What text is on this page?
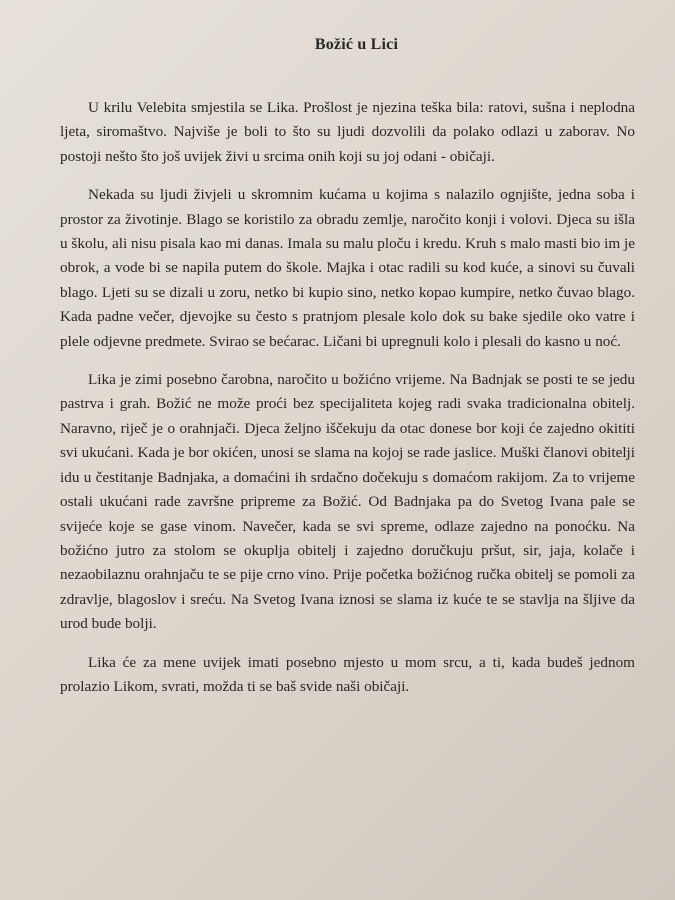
Božić u Lici

U krilu Velebita smjestila se Lika. Prošlost je njezina teška bila: ratovi, sušna i neplodna ljeta, siromaštvo. Najviše je boli to što su ljudi dozvolili da polako odlazi u zaborav. No postoji nešto što još uvijek živi u srcima onih koji su joj odani - običaji.

Nekada su ljudi živjeli u skromnim kućama u kojima s nalazilo ognjište, jedna soba i prostor za životinje. Blago se koristilo za obradu zemlje, naročito konji i volovi. Djeca su išla u školu, ali nisu pisala kao mi danas. Imala su malu ploču i kredu. Kruh s malo masti bio im je obrok, a vode bi se napila putem do škole. Majka i otac radili su kod kuće, a sinovi su čuvali blago. Ljeti su se dizali u zoru, netko bi kupio sino, netko kopao kumpire, netko čuvao blago. Kada padne večer, djevojke su često s pratnjom plesale kolo dok su bake sjedile oko vatre i plele odjevne predmete. Svirao se bećarac. Ličani bi upregnuli kolo i plesali do kasno u noć.

Lika je zimi posebno čarobna, naročito u božićno vrijeme. Na Badnjak se posti te se jedu pastrva i grah. Božić ne može proći bez specijaliteta kojeg radi svaka tradicionalna obitelj. Naravno, riječ je o orahnjači. Djeca željno iščekuju da otac donese bor koji će zajedno okititi svi ukućani. Kada je bor okićen, unosi se slama na kojoj se rade jaslice. Muški članovi obitelji idu u čestitanje Badnjaka, a domaćini ih srdačno dočekuju s domaćom rakijom. Za to vrijeme ostali ukućani rade završne pripreme za Božić. Od Badnjaka pa do Svetog Ivana pale se svijeće koje se gase vinom. Navečer, kada se svi spreme, odlaze zajedno na ponoćku. Na božićno jutro za stolom se okuplja obitelj i zajedno doručkuju pršut, sir, jaja, kolače i nezaobilaznu orahnjaču te se pije crno vino. Prije početka božićnog ručka obitelj se pomoli za zdravlje, blagoslov i sreću. Na Svetog Ivana iznosi se slama iz kuće te se stavlja na šljive da urod bude bolji.

Lika će za mene uvijek imati posebno mjesto u mom srcu, a ti, kada budeš jednom prolazio Likom, svrati, možda ti se baš svide naši običaji.
